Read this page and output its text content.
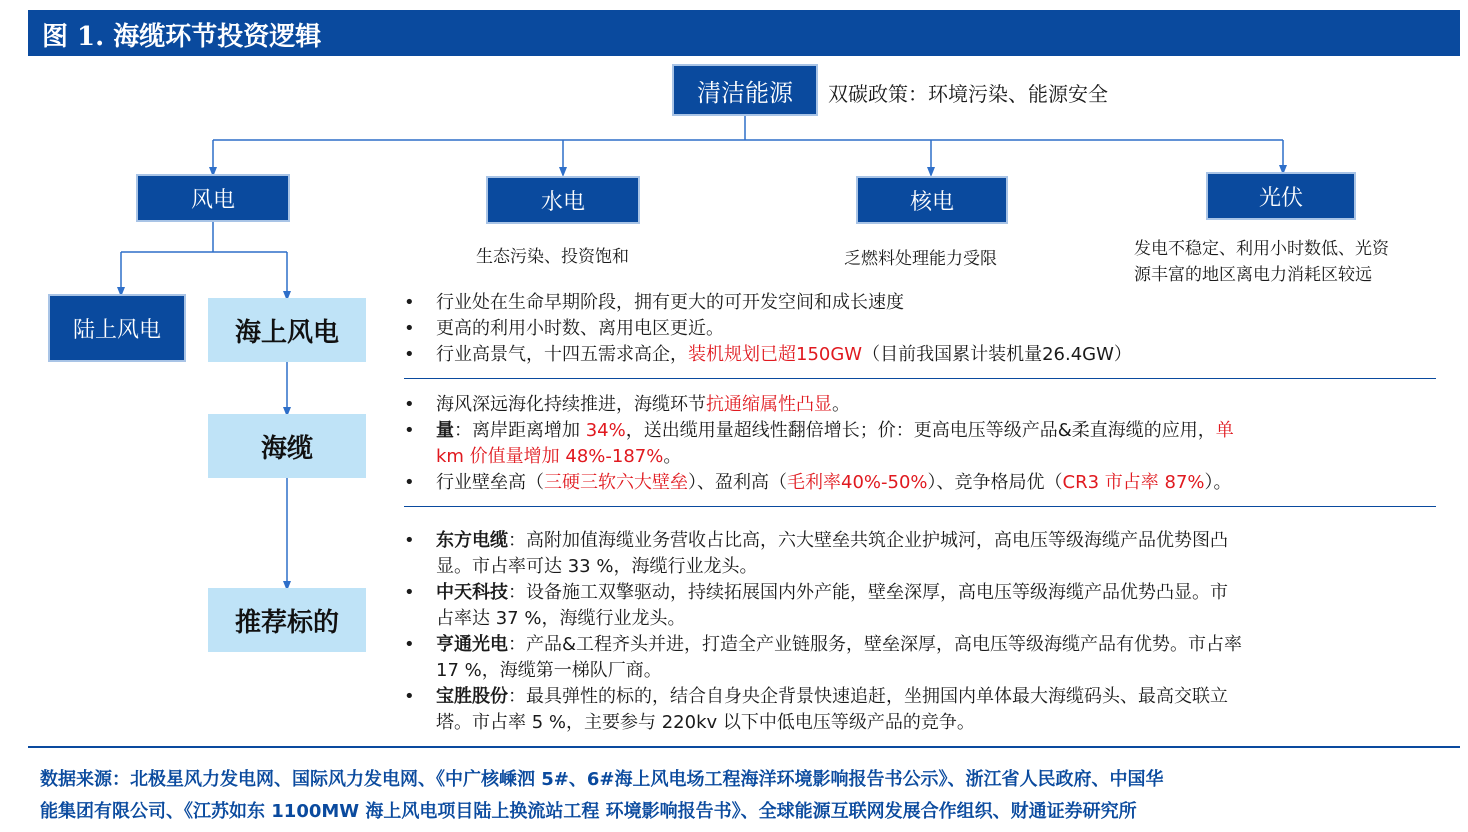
图 1. 海缆环节投资逻辑
清洁能源	双碳政策：环境污染、能源安全
风电	水电	核电	光伏
生态污染、投资饱和	乏燃料处理能力受限	发电不稳定、利用小时数低、光资
源丰富的地区离电力消耗区较远
陆上风电	海上风电
海缆
推荐标的
• 行业处在生命早期阶段，拥有更大的可开发空间和成长速度
• 更高的利用小时数、离用电区更近。
• 行业高景气，十四五需求高企，装机规划已超150GW（目前我国累计装机量26.4GW）
• 海风深远海化持续推进，海缆环节抗通缩属性凸显。
• 量：离岸距离增加 34%，送出缆用量超线性翻倍增长；价：更高电压等级产品&柔直海缆的应用，单
km 价值量增加 48%-187%。
• 行业壁垒高（三硬三软六大壁垒）、盈利高（毛利率40%-50%）、竞争格局优（CR3 市占率 87%）。
• 东方电缆：高附加值海缆业务营收占比高，六大壁垒共筑企业护城河，高电压等级海缆产品优势图凸
显。市占率可达 33 %，海缆行业龙头。
• 中天科技：设备施工双擎驱动，持续拓展国内外产能，壁垒深厚，高电压等级海缆产品优势凸显。市
占率达 37 %，海缆行业龙头。
• 亨通光电：产品&工程齐头并进，打造全产业链服务，壁垒深厚，高电压等级海缆产品有优势。市占率
17 %，海缆第一梯队厂商。
• 宝胜股份：最具弹性的标的，结合自身央企背景快速追赶，坐拥国内单体最大海缆码头、最高交联立
塔。市占率 5 %，主要参与 220kv 以下中低电压等级产品的竞争。
数据来源：北极星风力发电网、国际风力发电网、《中广核嵊泗 5#、6#海上风电场工程海洋环境影响报告书公示》、浙江省人民政府、中国华
能集团有限公司、《江苏如东 1100MW 海上风电项目陆上换流站工程 环境影响报告书》、全球能源互联网发展合作组织、财通证券研究所
